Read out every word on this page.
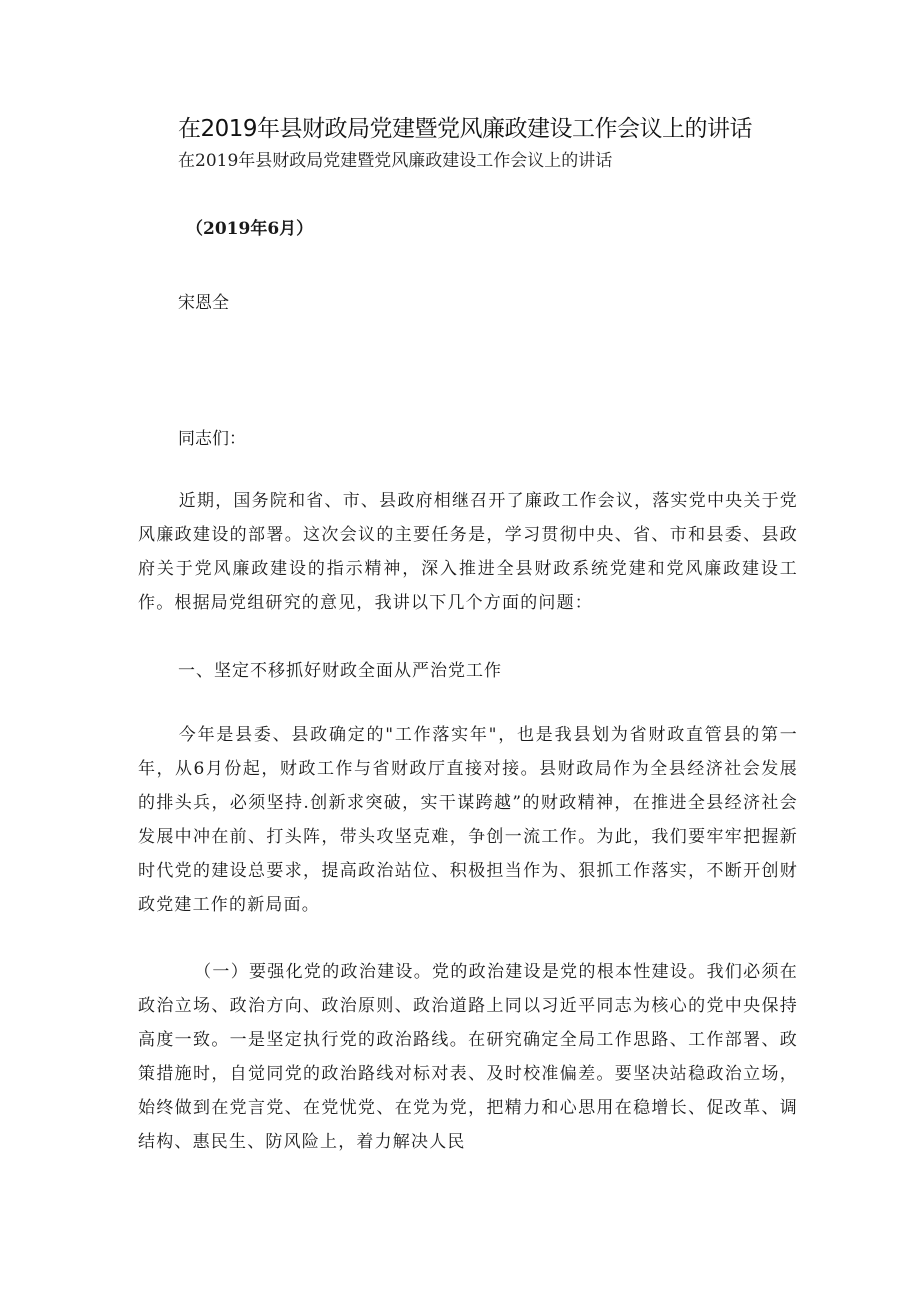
在2019年县财政局党建暨党风廉政建设工作会议上的讲话
在2019年县财政局党建暨党风廉政建设工作会议上的讲话
（2019年6月）
宋恩全
同志们：

近期，国务院和省、市、县政府相继召开了廉政工作会议，落实党中央关于党风廉政建设的部署。这次会议的主要任务是，学习贯彻中央、省、市和县委、县政府关于党风廉政建设的指示精神，深入推进全县财政系统党建和党风廉政建设工作。根据局党组研究的意见，我讲以下几个方面的问题：

一、坚定不移抓好财政全面从严治党工作

今年是县委、县政确定的"工作落实年"，也是我县划为省财政直管县的第一年，从6月份起，财政工作与省财政厅直接对接。县财政局作为全县经济社会发展的排头兵，必须坚持.创新求突破，实干谋跨越”的财政精神，在推进全县经济社会发展中冲在前、打头阵，带头攻坚克难，争创一流工作。为此，我们要牢牢把握新时代党的建设总要求，提高政治站位、积极担当作为、狠抓工作落实，不断开创财政党建工作的新局面。

（一）要强化党的政治建设。党的政治建设是党的根本性建设。我们必须在政治立场、政治方向、政治原则、政治道路上同以习近平同志为核心的党中央保持高度一致。一是坚定执行党的政治路线。在研究确定全局工作思路、工作部署、政策措施时，自觉同党的政治路线对标对表、及时校准偏差。要坚决站稳政治立场，始终做到在党言党、在党忧党、在党为党，把精力和心思用在稳增长、促改革、调结构、惠民生、防风险上，着力解决人民
